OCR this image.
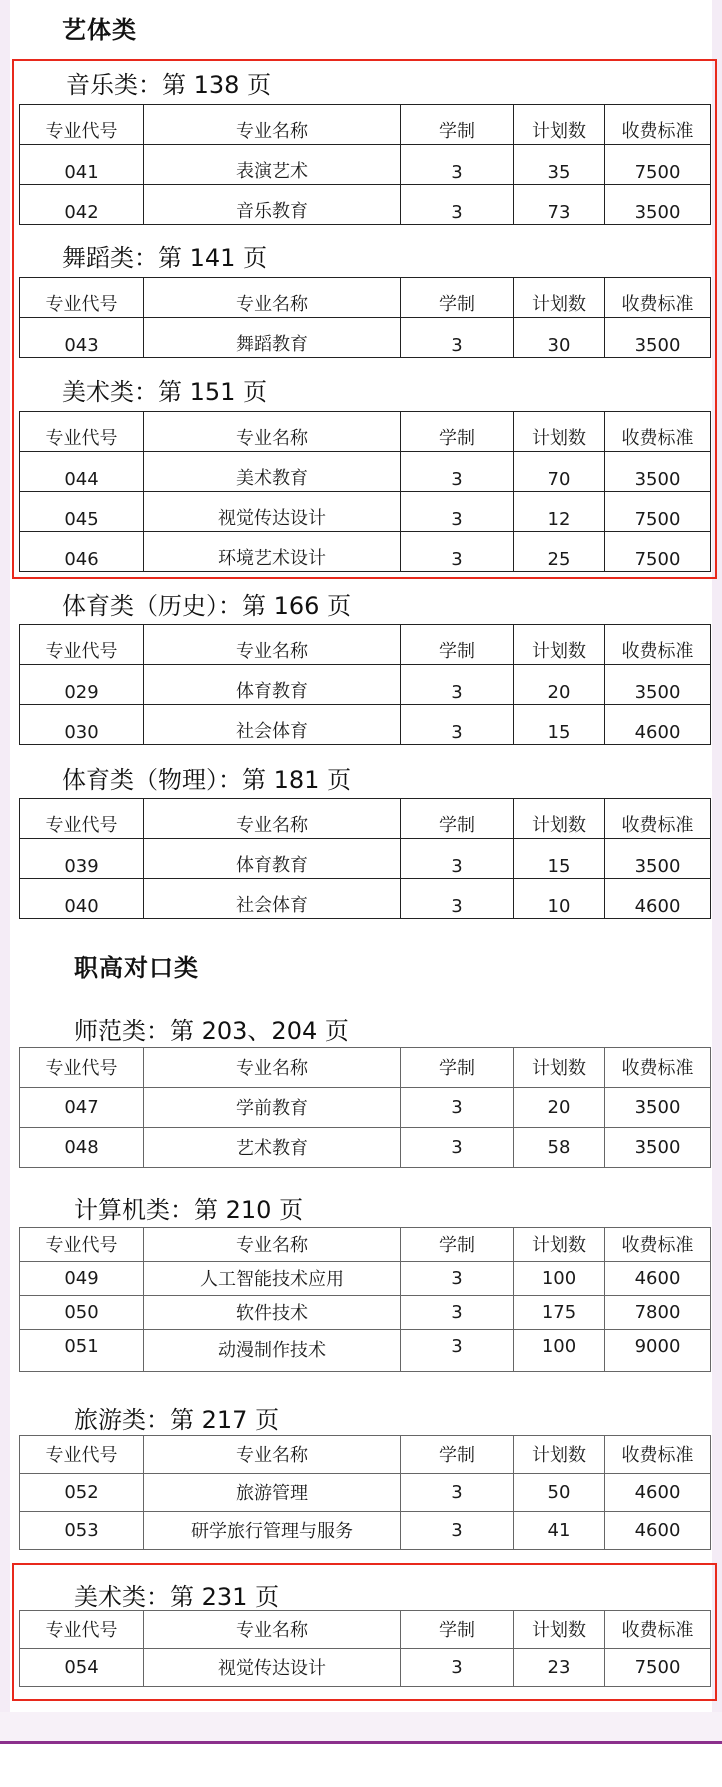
艺体类
职高对口类
音乐类：第 138 页
专业代号	专业名称	学制	计划数	收费标准
041	表演艺术	3	35	7500
042	音乐教育	3	73	3500
舞蹈类：第 141 页
专业代号	专业名称	学制	计划数	收费标准
043	舞蹈教育	3	30	3500
美术类：第 151 页
专业代号	专业名称	学制	计划数	收费标准
044	美术教育	3	70	3500
045	视觉传达设计	3	12	7500
046	环境艺术设计	3	25	7500
体育类（历史）：第 166 页
专业代号	专业名称	学制	计划数	收费标准
029	体育教育	3	20	3500
030	社会体育	3	15	4600
体育类（物理）：第 181 页
专业代号	专业名称	学制	计划数	收费标准
039	体育教育	3	15	3500
040	社会体育	3	10	4600
师范类：第 203、204 页
专业代号	专业名称	学制	计划数	收费标准
047	学前教育	3	20	3500
048	艺术教育	3	58	3500
计算机类：第 210 页
专业代号	专业名称	学制	计划数	收费标准
049	人工智能技术应用	3	100	4600
050	软件技术	3	175	7800
051	动漫制作技术	3	100	9000
旅游类：第 217 页
专业代号	专业名称	学制	计划数	收费标准
052	旅游管理	3	50	4600
053	研学旅行管理与服务	3	41	4600
美术类：第 231 页
专业代号	专业名称	学制	计划数	收费标准
054	视觉传达设计	3	23	7500
